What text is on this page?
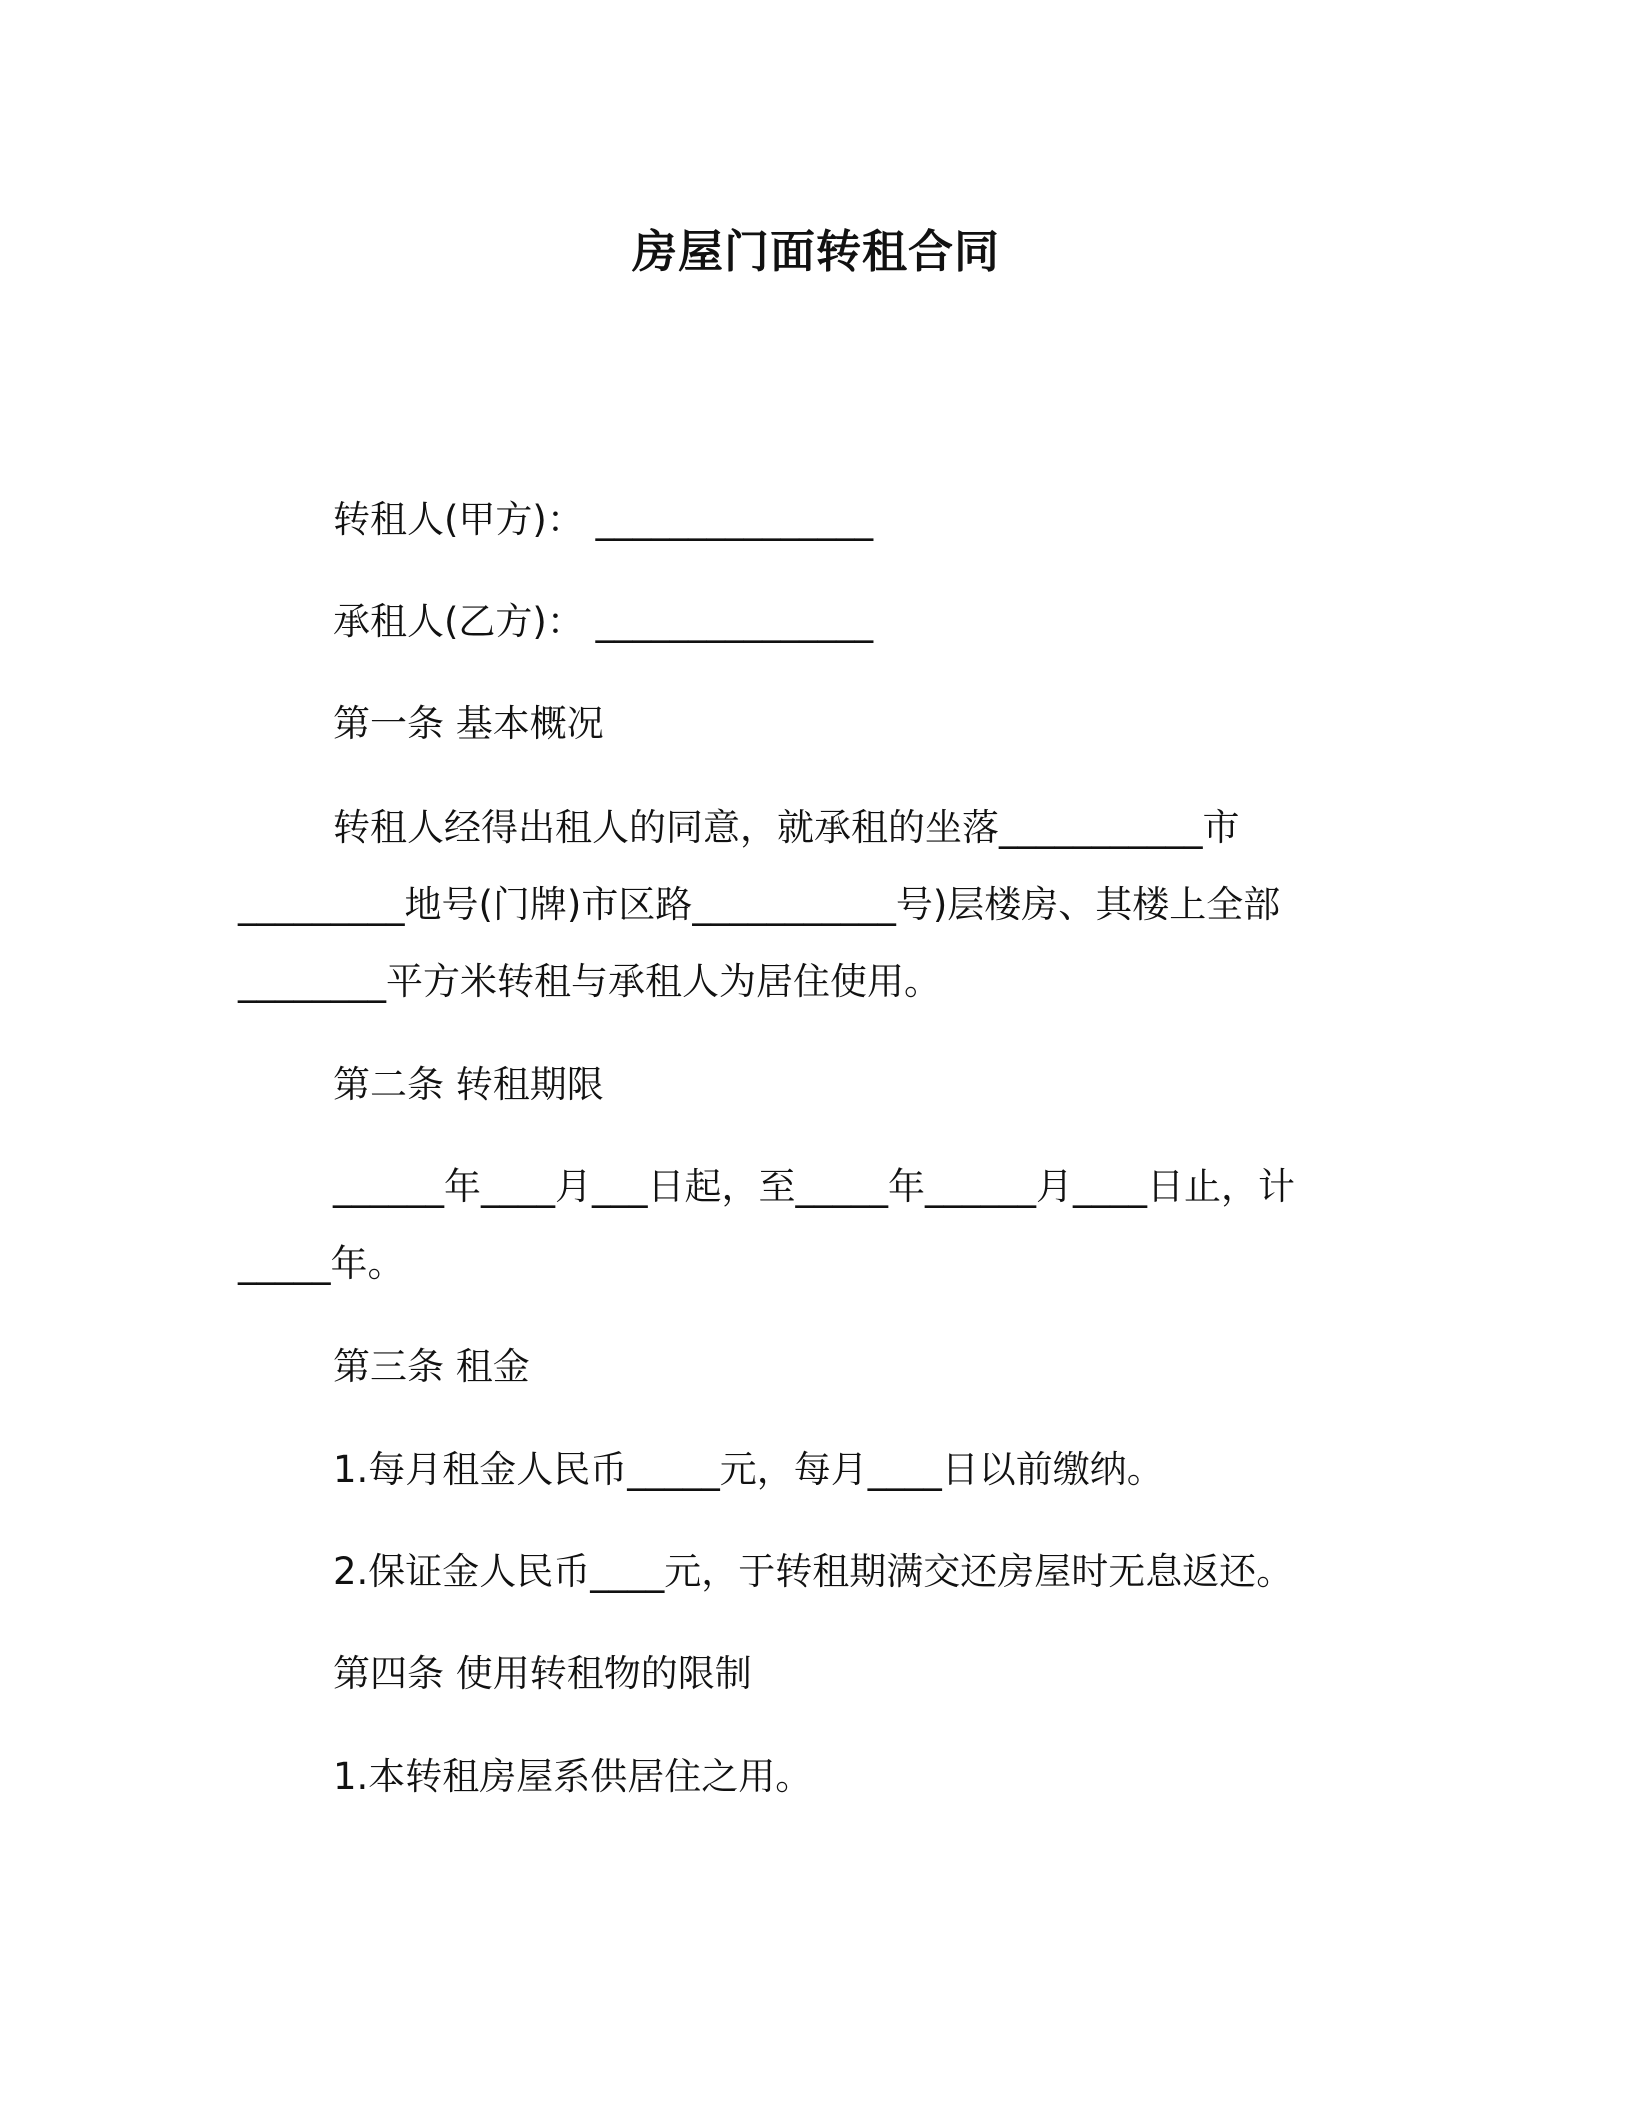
房屋门面转租合同
转租人(甲方)： _______________
承租人(乙方)： _______________
第一条 基本概况
转租人经得出租人的同意，就承租的坐落___________市
_________地号(门牌)市区路___________号)层楼房、其楼上全部
________平方米转租与承租人为居住使用。
第二条 转租期限
______年____月___日起，至_____年______月____日止，计
_____年。
第三条 租金
1.每月租金人民币_____元，每月____日以前缴纳。
2.保证金人民币____元，于转租期满交还房屋时无息返还。
第四条 使用转租物的限制
1.本转租房屋系供居住之用。
